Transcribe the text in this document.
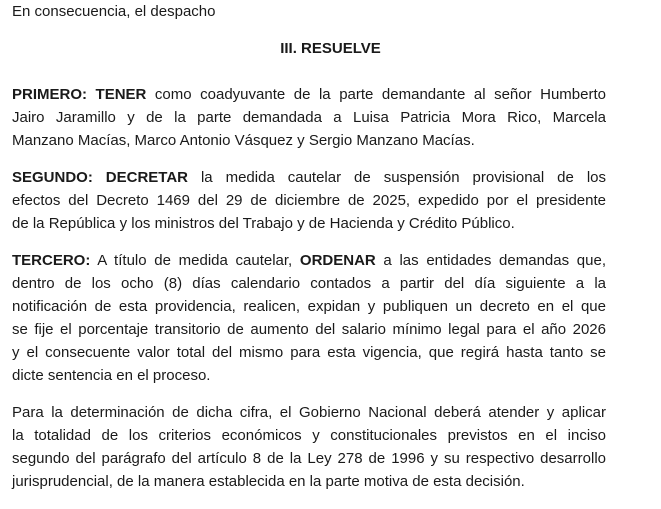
En consecuencia, el despacho

III. RESUELVE

PRIMERO: TENER como coadyuvante de la parte demandante al señor Humberto
Jairo Jaramillo y de la parte demandada a Luisa Patricia Mora Rico, Marcela
Manzano Macías, Marco Antonio Vásquez y Sergio Manzano Macías.

SEGUNDO: DECRETAR la medida cautelar de suspensión provisional de los
efectos del Decreto 1469 del 29 de diciembre de 2025, expedido por el presidente
de la República y los ministros del Trabajo y de Hacienda y Crédito Público.

TERCERO: A título de medida cautelar, ORDENAR a las entidades demandas que,
dentro de los ocho (8) días calendario contados a partir del día siguiente a la
notificación de esta providencia, realicen, expidan y publiquen un decreto en el que
se fije el porcentaje transitorio de aumento del salario mínimo legal para el año 2026
y el consecuente valor total del mismo para esta vigencia, que regirá hasta tanto se
dicte sentencia en el proceso.

Para la determinación de dicha cifra, el Gobierno Nacional deberá atender y aplicar
la totalidad de los criterios económicos y constitucionales previstos en el inciso
segundo del parágrafo del artículo 8 de la Ley 278 de 1996 y su respectivo desarrollo
jurisprudencial, de la manera establecida en la parte motiva de esta decisión.
